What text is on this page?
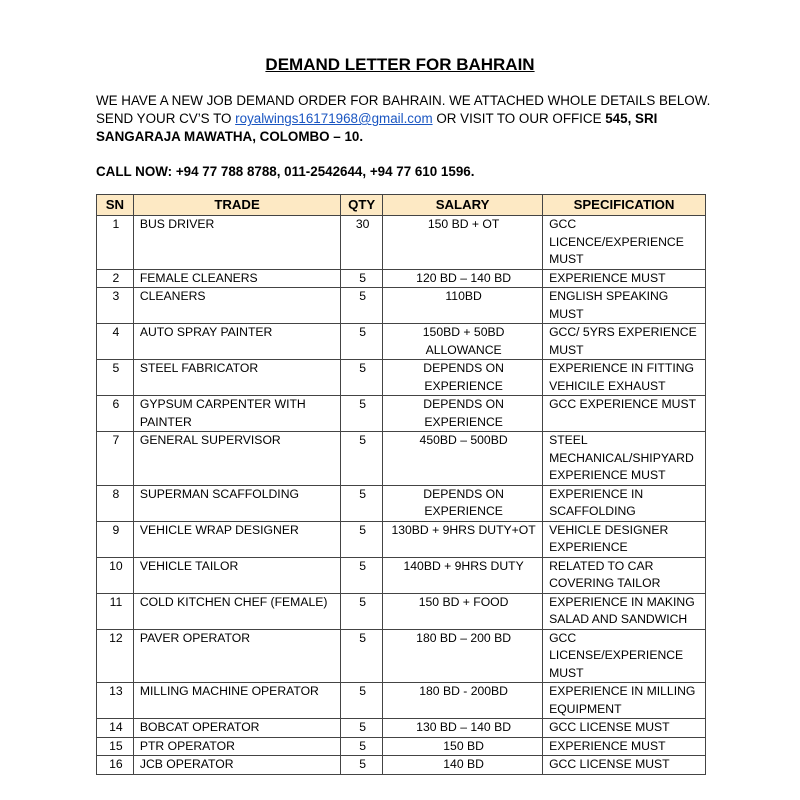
DEMAND LETTER FOR BAHRAIN
WE HAVE A NEW JOB DEMAND ORDER FOR BAHRAIN. WE ATTACHED WHOLE DETAILS BELOW.
SEND YOUR CV’S TO royalwings16171968@gmail.com OR VISIT TO OUR OFFICE 545, SRI
SANGARAJA MAWATHA, COLOMBO – 10.
CALL NOW: +94 77 788 8788, 011-2542644, +94 77 610 1596.
SN	TRADE	QTY	SALARY	SPECIFICATION
1	BUS DRIVER	30	150 BD + OT	GCC LICENCE/EXPERIENCE MUST
2	FEMALE CLEANERS	5	120 BD – 140 BD	EXPERIENCE MUST
3	CLEANERS	5	110BD	ENGLISH SPEAKING MUST
4	AUTO SPRAY PAINTER	5	150BD + 50BD ALLOWANCE	GCC/ 5YRS EXPERIENCE MUST
5	STEEL FABRICATOR	5	DEPENDS ON EXPERIENCE	EXPERIENCE IN FITTING VEHICILE EXHAUST
6	GYPSUM CARPENTER WITH PAINTER	5	DEPENDS ON EXPERIENCE	GCC EXPERIENCE MUST
7	GENERAL SUPERVISOR	5	450BD – 500BD	STEEL MECHANICAL/SHIPYARD EXPERIENCE MUST
8	SUPERMAN SCAFFOLDING	5	DEPENDS ON EXPERIENCE	EXPERIENCE IN SCAFFOLDING
9	VEHICLE WRAP DESIGNER	5	130BD + 9HRS DUTY+OT	VEHICLE DESIGNER EXPERIENCE
10	VEHICLE TAILOR	5	140BD + 9HRS DUTY	RELATED TO CAR COVERING TAILOR
11	COLD KITCHEN CHEF (FEMALE)	5	150 BD + FOOD	EXPERIENCE IN MAKING SALAD AND SANDWICH
12	PAVER OPERATOR	5	180 BD – 200 BD	GCC LICENSE/EXPERIENCE MUST
13	MILLING MACHINE OPERATOR	5	180 BD - 200BD	EXPERIENCE IN MILLING EQUIPMENT
14	BOBCAT OPERATOR	5	130 BD – 140 BD	GCC LICENSE MUST
15	PTR OPERATOR	5	150 BD	EXPERIENCE MUST
16	JCB OPERATOR	5	140 BD	GCC LICENSE MUST
